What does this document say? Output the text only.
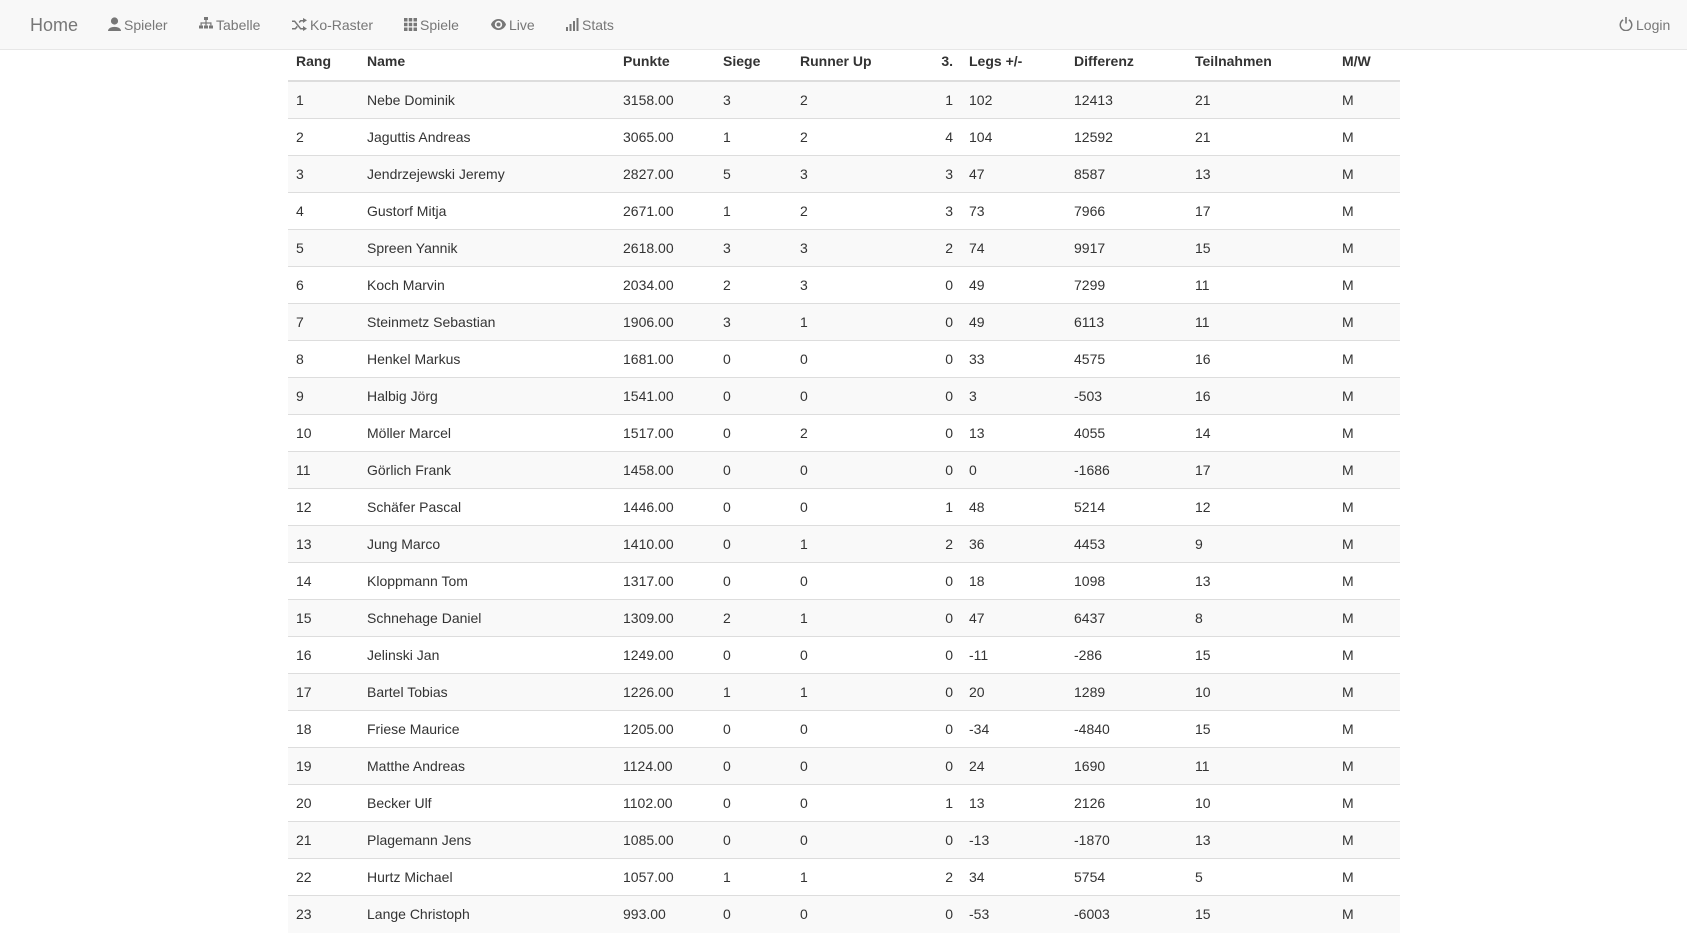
Home	Spieler	Tabelle	Ko-Raster	Spiele	Live	Stats	Login
Rang	Name	Punkte	Siege	Runner Up	3.	Legs +/-	Differenz	Teilnahmen	M/W
1	Nebe Dominik	3158.00	3	2	1	102	12413	21	M
2	Jaguttis Andreas	3065.00	1	2	4	104	12592	21	M
3	Jendrzejewski Jeremy	2827.00	5	3	3	47	8587	13	M
4	Gustorf Mitja	2671.00	1	2	3	73	7966	17	M
5	Spreen Yannik	2618.00	3	3	2	74	9917	15	M
6	Koch Marvin	2034.00	2	3	0	49	7299	11	M
7	Steinmetz Sebastian	1906.00	3	1	0	49	6113	11	M
8	Henkel Markus	1681.00	0	0	0	33	4575	16	M
9	Halbig Jörg	1541.00	0	0	0	3	-503	16	M
10	Möller Marcel	1517.00	0	2	0	13	4055	14	M
11	Görlich Frank	1458.00	0	0	0	0	-1686	17	M
12	Schäfer Pascal	1446.00	0	0	1	48	5214	12	M
13	Jung Marco	1410.00	0	1	2	36	4453	9	M
14	Kloppmann Tom	1317.00	0	0	0	18	1098	13	M
15	Schnehage Daniel	1309.00	2	1	0	47	6437	8	M
16	Jelinski Jan	1249.00	0	0	0	-11	-286	15	M
17	Bartel Tobias	1226.00	1	1	0	20	1289	10	M
18	Friese Maurice	1205.00	0	0	0	-34	-4840	15	M
19	Matthe Andreas	1124.00	0	0	0	24	1690	11	M
20	Becker Ulf	1102.00	0	0	1	13	2126	10	M
21	Plagemann Jens	1085.00	0	0	0	-13	-1870	13	M
22	Hurtz Michael	1057.00	1	1	2	34	5754	5	M
23	Lange Christoph	993.00	0	0	0	-53	-6003	15	M
